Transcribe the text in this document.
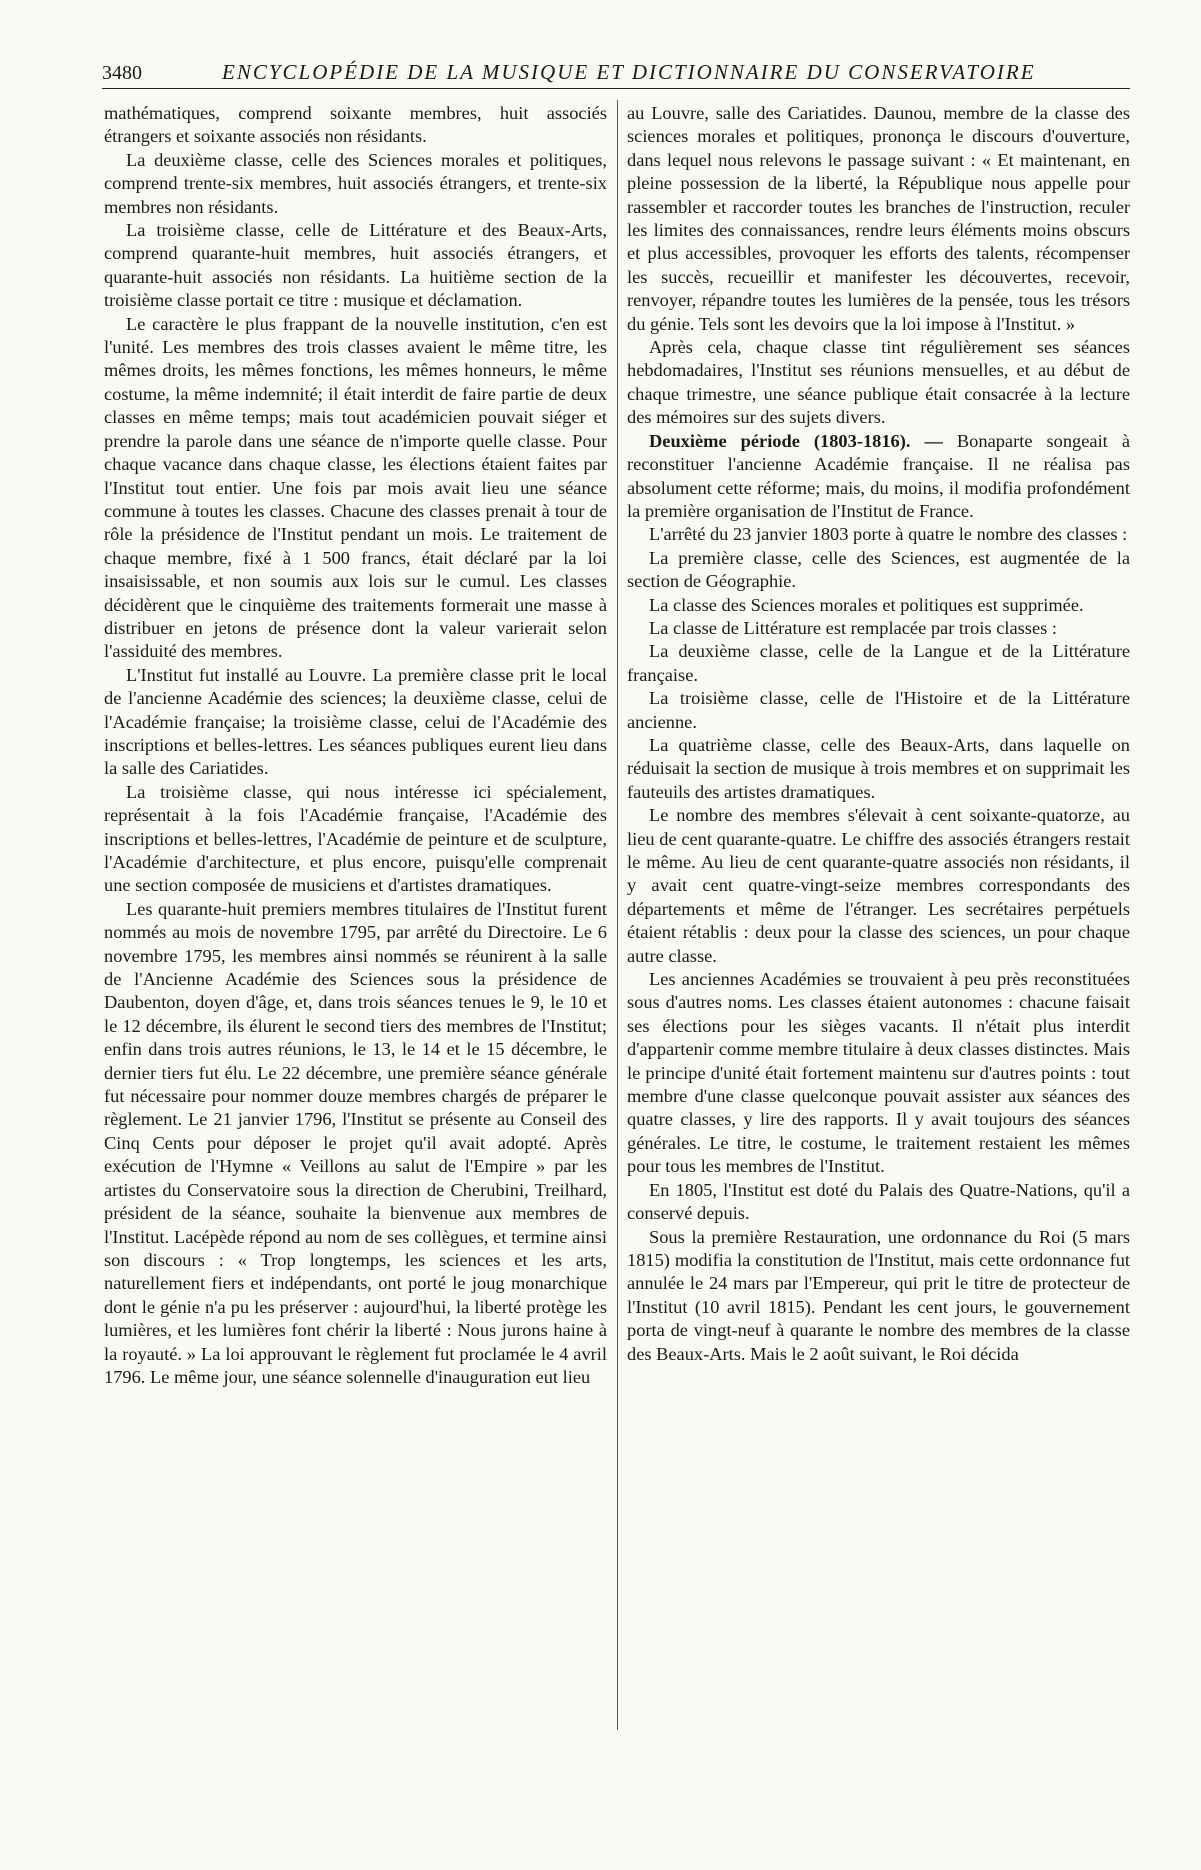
3480	ENCYCLOPÉDIE DE LA MUSIQUE ET DICTIONNAIRE DU CONSERVATOIRE

mathématiques, comprend soixante membres, huit associés étrangers et soixante associés non résidants.

La deuxième classe, celle des Sciences morales et politiques, comprend trente-six membres, huit associés étrangers, et trente-six membres non résidants.

La troisième classe, celle de Littérature et des Beaux-Arts, comprend quarante-huit membres, huit associés étrangers, et quarante-huit associés non résidants. La huitième section de la troisième classe portait ce titre : musique et déclamation.

Le caractère le plus frappant de la nouvelle institution, c'en est l'unité. Les membres des trois classes avaient le même titre, les mêmes droits, les mêmes fonctions, les mêmes honneurs, le même costume, la même indemnité; il était interdit de faire partie de deux classes en même temps; mais tout académicien pouvait siéger et prendre la parole dans une séance de n'importe quelle classe. Pour chaque vacance dans chaque classe, les élections étaient faites par l'Institut tout entier. Une fois par mois avait lieu une séance commune à toutes les classes. Chacune des classes prenait à tour de rôle la présidence de l'Institut pendant un mois. Le traitement de chaque membre, fixé à 1 500 francs, était déclaré par la loi insaisissable, et non soumis aux lois sur le cumul. Les classes décidèrent que le cinquième des traitements formerait une masse à distribuer en jetons de présence dont la valeur varierait selon l'assiduité des membres.

L'Institut fut installé au Louvre. La première classe prit le local de l'ancienne Académie des sciences; la deuxième classe, celui de l'Académie française; la troisième classe, celui de l'Académie des inscriptions et belles-lettres. Les séances publiques eurent lieu dans la salle des Cariatides.

La troisième classe, qui nous intéresse ici spécialement, représentait à la fois l'Académie française, l'Académie des inscriptions et belles-lettres, l'Académie de peinture et de sculpture, l'Académie d'architecture, et plus encore, puisqu'elle comprenait une section composée de musiciens et d'artistes dramatiques.

Les quarante-huit premiers membres titulaires de l'Institut furent nommés au mois de novembre 1795, par arrêté du Directoire. Le 6 novembre 1795, les membres ainsi nommés se réunirent à la salle de l'Ancienne Académie des Sciences sous la présidence de Daubenton, doyen d'âge, et, dans trois séances tenues le 9, le 10 et le 12 décembre, ils élurent le second tiers des membres de l'Institut; enfin dans trois autres réunions, le 13, le 14 et le 15 décembre, le dernier tiers fut élu. Le 22 décembre, une première séance générale fut nécessaire pour nommer douze membres chargés de préparer le règlement. Le 21 janvier 1796, l'Institut se présente au Conseil des Cinq Cents pour déposer le projet qu'il avait adopté. Après exécution de l'Hymne « Veillons au salut de l'Empire » par les artistes du Conservatoire sous la direction de Cherubini, Treilhard, président de la séance, souhaite la bienvenue aux membres de l'Institut. Lacépède répond au nom de ses collègues, et termine ainsi son discours : « Trop longtemps, les sciences et les arts, naturellement fiers et indépendants, ont porté le joug monarchique dont le génie n'a pu les préserver : aujourd'hui, la liberté protège les lumières, et les lumières font chérir la liberté : Nous jurons haine à la royauté. » La loi approuvant le règlement fut proclamée le 4 avril 1796. Le même jour, une séance solennelle d'inauguration eut lieu

au Louvre, salle des Cariatides. Daunou, membre de la classe des sciences morales et politiques, prononça le discours d'ouverture, dans lequel nous relevons le passage suivant : « Et maintenant, en pleine possession de la liberté, la République nous appelle pour rassembler et raccorder toutes les branches de l'instruction, reculer les limites des connaissances, rendre leurs éléments moins obscurs et plus accessibles, provoquer les efforts des talents, récompenser les succès, recueillir et manifester les découvertes, recevoir, renvoyer, répandre toutes les lumières de la pensée, tous les trésors du génie. Tels sont les devoirs que la loi impose à l'Institut. »

Après cela, chaque classe tint régulièrement ses séances hebdomadaires, l'Institut ses réunions mensuelles, et au début de chaque trimestre, une séance publique était consacrée à la lecture des mémoires sur des sujets divers.

Deuxième période (1803-1816). — Bonaparte songeait à reconstituer l'ancienne Académie française. Il ne réalisa pas absolument cette réforme; mais, du moins, il modifia profondément la première organisation de l'Institut de France.

L'arrêté du 23 janvier 1803 porte à quatre le nombre des classes :

La première classe, celle des Sciences, est augmentée de la section de Géographie.

La classe des Sciences morales et politiques est supprimée.

La classe de Littérature est remplacée par trois classes :

La deuxième classe, celle de la Langue et de la Littérature française.

La troisième classe, celle de l'Histoire et de la Littérature ancienne.

La quatrième classe, celle des Beaux-Arts, dans laquelle on réduisait la section de musique à trois membres et on supprimait les fauteuils des artistes dramatiques.

Le nombre des membres s'élevait à cent soixante-quatorze, au lieu de cent quarante-quatre. Le chiffre des associés étrangers restait le même. Au lieu de cent quarante-quatre associés non résidants, il y avait cent quatre-vingt-seize membres correspondants des départements et même de l'étranger. Les secrétaires perpétuels étaient rétablis : deux pour la classe des sciences, un pour chaque autre classe.

Les anciennes Académies se trouvaient à peu près reconstituées sous d'autres noms. Les classes étaient autonomes : chacune faisait ses élections pour les sièges vacants. Il n'était plus interdit d'appartenir comme membre titulaire à deux classes distinctes. Mais le principe d'unité était fortement maintenu sur d'autres points : tout membre d'une classe quelconque pouvait assister aux séances des quatre classes, y lire des rapports. Il y avait toujours des séances générales. Le titre, le costume, le traitement restaient les mêmes pour tous les membres de l'Institut.

En 1805, l'Institut est doté du Palais des Quatre-Nations, qu'il a conservé depuis.

Sous la première Restauration, une ordonnance du Roi (5 mars 1815) modifia la constitution de l'Institut, mais cette ordonnance fut annulée le 24 mars par l'Empereur, qui prit le titre de protecteur de l'Institut (10 avril 1815). Pendant les cent jours, le gouvernement porta de vingt-neuf à quarante le nombre des membres de la classe des Beaux-Arts. Mais le 2 août suivant, le Roi décida
